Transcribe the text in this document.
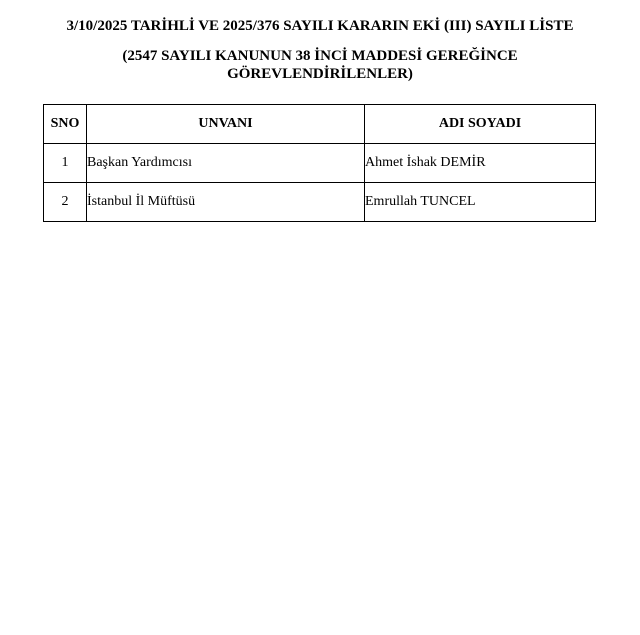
3/10/2025 TARİHLİ VE 2025/376 SAYILI KARARIN EKİ (III) SAYILI LİSTE
(2547 SAYILI KANUNUN 38 İNCİ MADDESİ GEREĞİNCE
GÖREVLENDİRİLENLER)
SNO	UNVANI	ADI SOYADI
1	Başkan Yardımcısı	Ahmet İshak DEMİR
2	İstanbul İl Müftüsü	Emrullah TUNCEL
